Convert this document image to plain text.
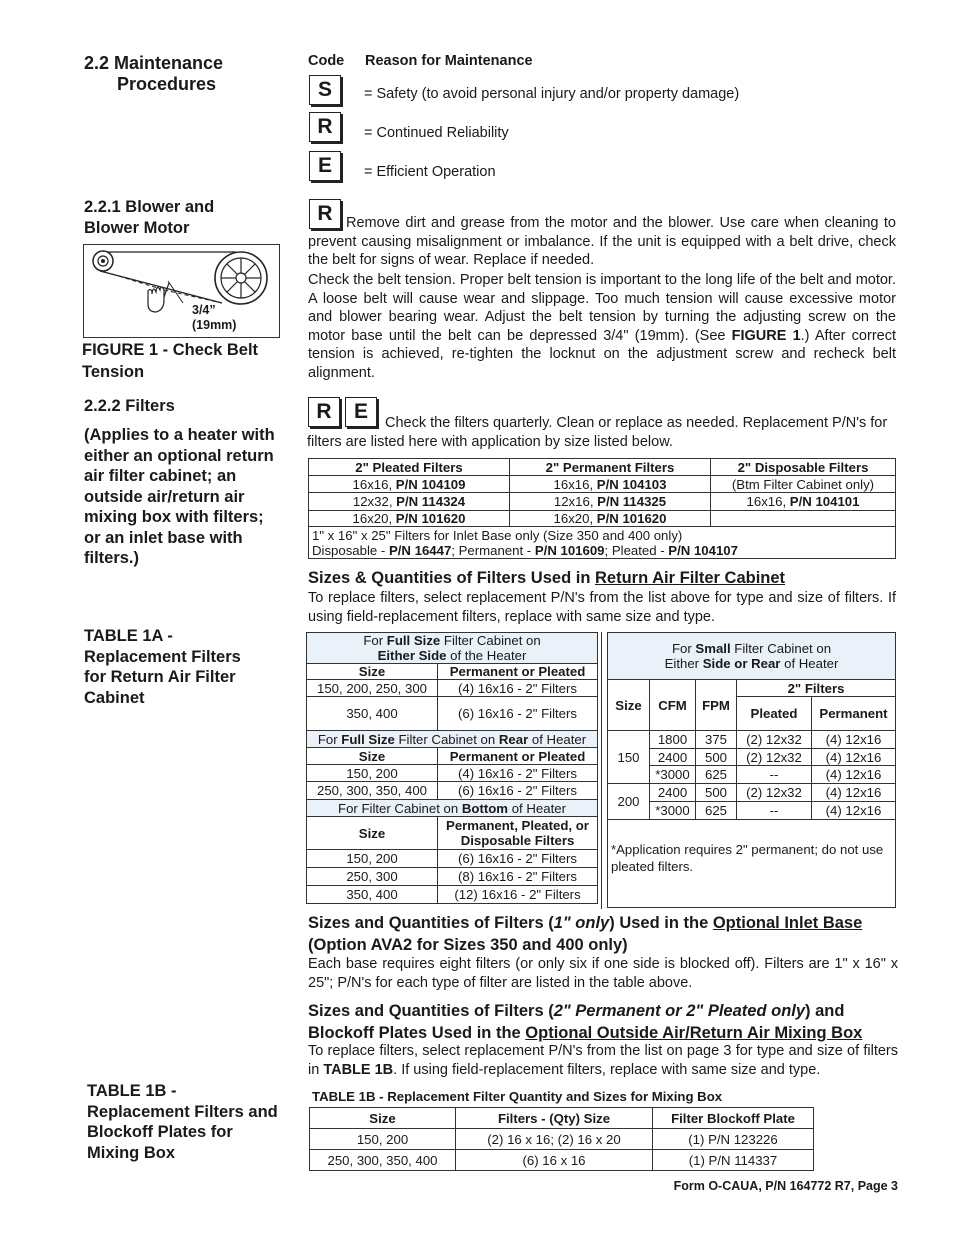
2.2 Maintenance
Procedures
2.2.1 Blower and
Blower Motor
3/4”
(19mm)
FIGURE 1 - Check Belt
Tension
2.2.2 Filters
(Applies to a heater with either an optional return air filter cabinet; an outside air/return air mixing box with filters; or an inlet base with filters.)
TABLE 1A - Replacement Filters for Return Air Filter Cabinet
TABLE 1B - Replacement Filters and Blockoff Plates for Mixing Box
Code Reason for Maintenance
S	= Safety (to avoid personal injury and/or property damage)
R	= Continued Reliability
E	= Efficient Operation
R Remove dirt and grease from the motor and the blower. Use care when cleaning to prevent causing misalignment or imbalance. If the unit is equipped with a belt drive, check the belt for signs of wear. Replace if needed.
Check the belt tension. Proper belt tension is important to the long life of the belt and motor. A loose belt will cause wear and slippage. Too much tension will cause excessive motor and blower bearing wear. Adjust the belt tension by turning the adjusting screw on the motor base until the belt can be depressed 3/4" (19mm). (See FIGURE 1.) After correct tension is achieved, re-tighten the locknut on the adjustment screw and recheck belt alignment.
R	E	Check the filters quarterly. Clean or replace as needed. Replacement P/N's for filters are listed here with application by size listed below.
2" Pleated Filters	2" Permanent Filters	2" Disposable Filters
16x16, P/N 104109	16x16, P/N 104103	(Btm Filter Cabinet only)
12x32, P/N 114324	12x16, P/N 114325	16x16, P/N 104101
16x20, P/N 101620	16x20, P/N 101620	

1" x 16" x 25" Filters for Inlet Base only (Size 350 and 400 only)
Disposable - P/N 16447; Permanent - P/N 101609; Pleated - P/N 104107		
Sizes & Quantities of Filters Used in Return Air Filter Cabinet
To replace filters, select replacement P/N's from the list above for type and size of filters. If using field-replacement filters, replace with same size and type.
For Full Size Filter Cabinet on
Either Side of the Heater	
Size	Permanent or Pleated
150, 200, 250, 300	(4) 16x16 - 2" Filters
350, 400	(6) 16x16 - 2" Filters
For Full Size Filter Cabinet on Rear of Heater	
Size	Permanent or Pleated
150, 200	(4) 16x16 - 2" Filters
250, 300, 350, 400	(6) 16x16 - 2" Filters
For Filter Cabinet on Bottom of Heater	
Size	Permanent, Pleated, or Disposable Filters
150, 200	(6) 16x16 - 2" Filters
250, 300	(8) 16x16 - 2" Filters
350, 400	(12) 16x16 - 2" Filters
For Small Filter Cabinet on
Either Side or Rear of Heater				
Size	CFM	FPM	2" Filters	
			Pleated	Permanent
150	1800	375	(2) 12x32	(4) 12x16
	2400	500	(2) 12x32	(4) 12x16
	*3000	625	--	(4) 12x16
200	2400	500	(2) 12x32	(4) 12x16
	*3000	625	--	(4) 12x16
*Application requires 2" permanent; do not use pleated filters.				
Sizes and Quantities of Filters (1" only) Used in the Optional Inlet Base
(Option AVA2 for Sizes 350 and 400 only)
Each base requires eight filters (or only six if one side is blocked off). Filters are 1" x 16" x 25"; P/N's for each type of filter are listed in the table above.
Sizes and Quantities of Filters (2" Permanent or 2" Pleated only) and
Blockoff Plates Used in the Optional Outside Air/Return Air Mixing Box
To replace filters, select replacement P/N's from the list on page 3 for type and size of filters in TABLE 1B. If using field-replacement filters, replace with same size and type.
TABLE 1B - Replacement Filter Quantity and Sizes for Mixing Box
Size	Filters - (Qty) Size	Filter Blockoff Plate
150, 200	(2) 16 x 16; (2) 16 x 20	(1) P/N 123226
250, 300, 350, 400	(6) 16 x 16	(1) P/N 114337
Form O-CAUA, P/N 164772 R7, Page 3
